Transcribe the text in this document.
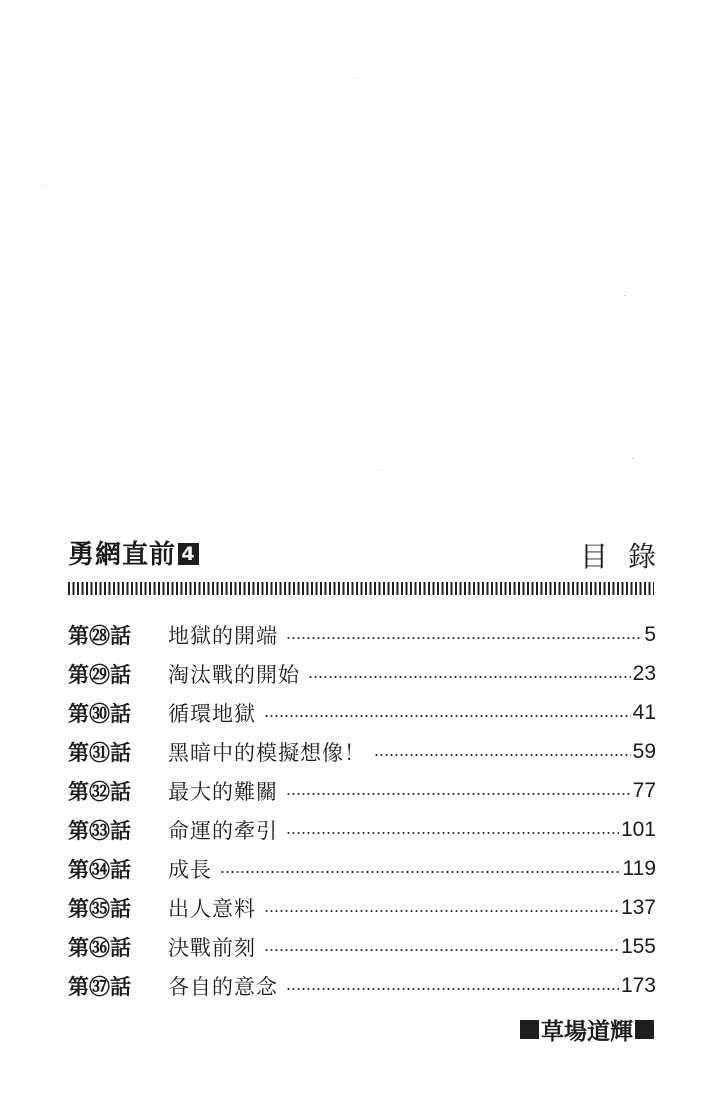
勇網直前 4	目錄
第㉘話	地獄的開端	5
第㉙話	淘汰戰的開始	23
第㉚話	循環地獄	41
第㉛話	黑暗中的模擬想像！	59
第㉜話	最大的難關	77
第㉝話	命運的牽引	101
第㉞話	成長	119
第㉟話	出人意料	137
第㊱話	決戰前刻	155
第㊲話	各自的意念	173
草場道輝
